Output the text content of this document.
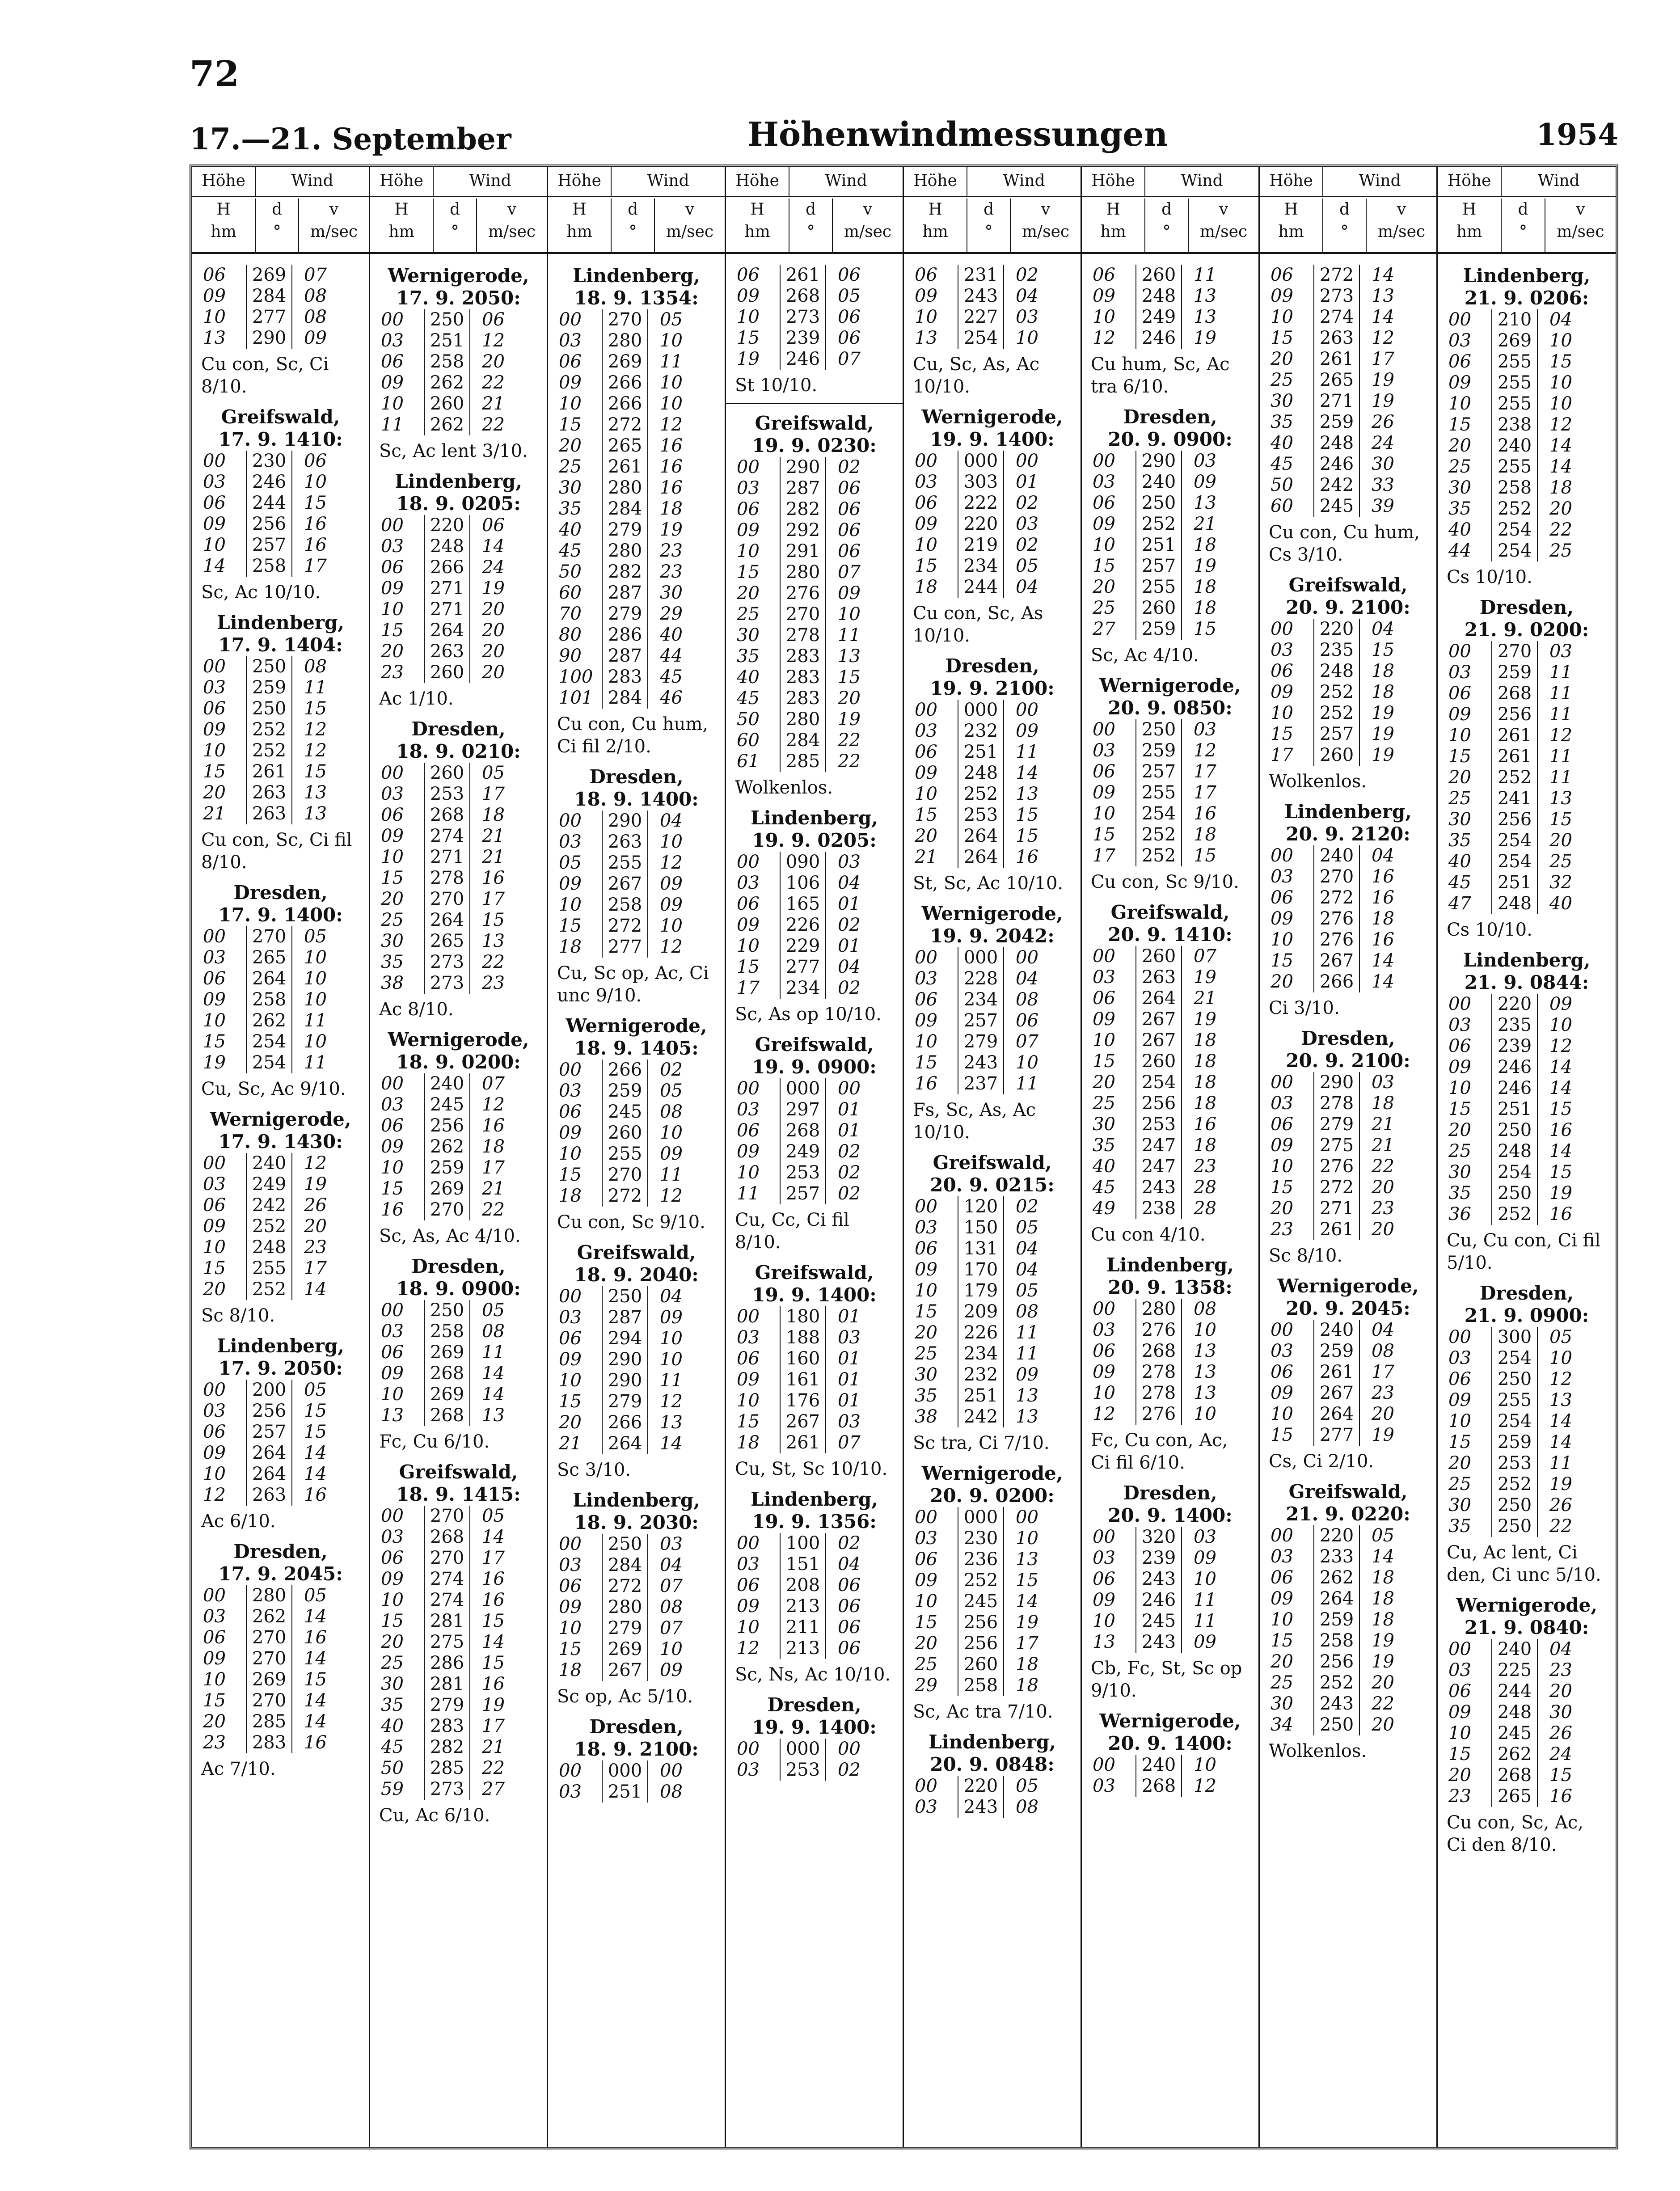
72
17.—21. September	Höhenwindmessungen	1954
Höhe	Wind
H
hm
d
°
v
m/sec
06	269 07
09	284 08
10	277 08
13	290 09
Cu con, Sc, Ci 8/10.
Greifswald,
17. 9. 1410:
00	230 06
03	246 10
06	244 15
09	256 16
10	257 16
14	258 17
Sc, Ac 10/10.
Lindenberg,
17. 9. 1404:
00	250 08
03	259 11
06	250 15
09	252 12
10	252 12
15	261 15
20	263 13
21	263 13
Cu con, Sc, Ci fil 8/10.
Dresden,
17. 9. 1400:
00	270 05
03	265 10
06	264 10
09	258 10
10	262 11
15	254 10
19	254 11
Cu, Sc, Ac 9/10.
Wernigerode,
17. 9. 1430:
00	240 12
03	249 19
06	242 26
09	252 20
10	248 23
15	255 17
20	252 14
Sc 8/10.
Lindenberg,
17. 9. 2050:
00	200 05
03	256 15
06	257 15
09	264 14
10	264 14
12	263 16
Ac 6/10.
Dresden,
17. 9. 2045:
00	280 05
03	262 14
06	270 16
09	270 14
10	269 15
15	270 14
20	285 14
23	283 16
Ac 7/10.
Höhe	Wind
H
hm
d
°
v
m/sec
Wernigerode,
17. 9. 2050:
00	250 06
03	251 12
06	258 20
09	262 22
10	260 21
11	262 22
Sc, Ac lent 3/10.
Lindenberg,
18. 9. 0205:
00	220 06
03	248 14
06	266 24
09	271 19
10	271 20
15	264 20
20	263 20
23	260 20
Ac 1/10.
Dresden,
18. 9. 0210:
00	260 05
03	253 17
06	268 18
09	274 21
10	271 21
15	278 16
20	270 17
25	264 15
30	265 13
35	273 22
38	273 23
Ac 8/10.
Wernigerode,
18. 9. 0200:
00	240 07
03	245 12
06	256 16
09	262 18
10	259 17
15	269 21
16	270 22
Sc, As, Ac 4/10.
Dresden,
18. 9. 0900:
00	250 05
03	258 08
06	269 11
09	268 14
10	269 14
13	268 13
Fc, Cu 6/10.
Greifswald,
18. 9. 1415:
00	270 05
03	268 14
06	270 17
09	274 16
10	274 16
15	281 15
20	275 14
25	286 15
30	281 16
35	279 19
40	283 17
45	282 21
50	285 22
59	273 27
Cu, Ac 6/10.
Höhe	Wind
H
hm
d
°
v
m/sec
Lindenberg,
18. 9. 1354:
00	270 05
03	280 10
06	269 11
09	266 10
10	266 10
15	272 12
20	265 16
25	261 16
30	280 16
35	284 18
40	279 19
45	280 23
50	282 23
60	287 30
70	279 29
80	286 40
90	287 44
100 283 45
101 284 46
Cu con, Cu hum, Ci fil 2/10.
Dresden,
18. 9. 1400:
00	290 04
03	263 10
05	255 12
09	267 09
10	258 09
15	272 10
18	277 12
Cu, Sc op, Ac, Ci unc 9/10.
Wernigerode,
18. 9. 1405:
00	266 02
03	259 05
06	245 08
09	260 10
10	255 09
15	270 11
18	272 12
Cu con, Sc 9/10.
Greifswald,
18. 9. 2040:
00	250 04
03	287 09
06	294 10
09	290 10
10	290 11
15	279 12
20	266 13
21	264 14
Sc 3/10.
Lindenberg,
18. 9. 2030:
00	250 03
03	284 04
06	272 07
09	280 08
10	279 07
15	269 10
18	267 09
Sc op, Ac 5/10.
Dresden,
18. 9. 2100:
00	000 00
03	251 08
Höhe	Wind
H
hm
d
°
v
m/sec
06	261 06
09	268 05
10	273 06
15	239 06
19	246 07
St 10/10.
Greifswald,
19. 9. 0230:
00	290 02
03	287 06
06	282 06
09	292 06
10	291 06
15	280 07
20	276 09
25	270 10
30	278 11
35	283 13
40	283 15
45	283 20
50	280 19
60	284 22
61	285 22
Wolkenlos.
Lindenberg,
19. 9. 0205:
00	090 03
03	106 04
06	165 01
09	226 02
10	229 01
15	277 04
17	234 02
Sc, As op 10/10.
Greifswald,
19. 9. 0900:
00	000 00
03	297 01
06	268 01
09	249 02
10	253 02
11	257 02
Cu, Cc, Ci fil 8/10.
Greifswald,
19. 9. 1400:
00	180 01
03	188 03
06	160 01
09	161 01
10	176 01
15	267 03
18	261 07
Cu, St, Sc 10/10.
Lindenberg,
19. 9. 1356:
00	100 02
03	151 04
06	208 06
09	213 06
10	211 06
12	213 06
Sc, Ns, Ac 10/10.
Dresden,
19. 9. 1400:
00	000 00
03	253 02
Höhe	Wind
H
hm
d
°
v
m/sec
06	231 02
09	243 04
10	227 03
13	254 10
Cu, Sc, As, Ac 10/10.
Wernigerode,
19. 9. 1400:
00	000 00
03	303 01
06	222 02
09	220 03
10	219 02
15	234 05
18	244 04
Cu con, Sc, As 10/10.
Dresden,
19. 9. 2100:
00	000 00
03	232 09
06	251 11
09	248 14
10	252 13
15	253 15
20	264 15
21	264 16
St, Sc, Ac 10/10.
Wernigerode,
19. 9. 2042:
00	000 00
03	228 04
06	234 08
09	257 06
10	279 07
15	243 10
16	237 11
Fs, Sc, As, Ac 10/10.
Greifswald,
20. 9. 0215:
00	120 02
03	150 05
06	131 04
09	170 04
10	179 05
15	209 08
20	226 11
25	234 11
30	232 09
35	251 13
38	242 13
Sc tra, Ci 7/10.
Wernigerode,
20. 9. 0200:
00	000 00
03	230 10
06	236 13
09	252 15
10	245 14
15	256 19
20	256 17
25	260 18
29	258 18
Sc, Ac tra 7/10.
Lindenberg,
20. 9. 0848:
00	220 05
03	243 08
Höhe	Wind
H
hm
d
°
v
m/sec
06	260 11
09	248 13
10	249 13
12	246 19
Cu hum, Sc, Ac tra 6/10.
Dresden,
20. 9. 0900:
00	290 03
03	240 09
06	250 13
09	252 21
10	251 18
15	257 19
20	255 18
25	260 18
27	259 15
Sc, Ac 4/10.
Wernigerode,
20. 9. 0850:
00	250 03
03	259 12
06	257 17
09	255 17
10	254 16
15	252 18
17	252 15
Cu con, Sc 9/10.
Greifswald,
20. 9. 1410:
00	260 07
03	263 19
06	264 21
09	267 19
10	267 18
15	260 18
20	254 18
25	256 18
30	253 16
35	247 18
40	247 23
45	243 28
49	238 28
Cu con 4/10.
Lindenberg,
20. 9. 1358:
00	280 08
03	276 10
06	268 13
09	278 13
10	278 13
12	276 10
Fc, Cu con, Ac, Ci fil 6/10.
Dresden,
20. 9. 1400:
00	320 03
03	239 09
06	243 10
09	246 11
10	245 11
13	243 09
Cb, Fc, St, Sc op 9/10.
Wernigerode,
20. 9. 1400:
00	240 10
03	268 12
Höhe	Wind
H
hm
d
°
v
m/sec
06	272 14
09	273 13
10	274 14
15	263 12
20	261 17
25	265 19
30	271 19
35	259 26
40	248 24
45	246 30
50	242 33
60	245 39
Cu con, Cu hum, Cs 3/10.
Greifswald,
20. 9. 2100:
00	220 04
03	235 15
06	248 18
09	252 18
10	252 19
15	257 19
17	260 19
Wolkenlos.
Lindenberg,
20. 9. 2120:
00	240 04
03	270 16
06	272 16
09	276 18
10	276 16
15	267 14
20	266 14
Ci 3/10.
Dresden,
20. 9. 2100:
00	290 03
03	278 18
06	279 21
09	275 21
10	276 22
15	272 20
20	271 23
23	261 20
Sc 8/10.
Wernigerode,
20. 9. 2045:
00	240 04
03	259 08
06	261 17
09	267 23
10	264 20
15	277 19
Cs, Ci 2/10.
Greifswald,
21. 9. 0220:
00	220 05
03	233 14
06	262 18
09	264 18
10	259 18
15	258 19
20	256 19
25	252 20
30	243 22
34	250 20
Wolkenlos.
Höhe	Wind
H
hm
d
°
v
m/sec
Lindenberg,
21. 9. 0206:
00	210 04
03	269 10
06	255 15
09	255 10
10	255 10
15	238 12
20	240 14
25	255 14
30	258 18
35	252 20
40	254 22
44	254 25
Cs 10/10.
Dresden,
21. 9. 0200:
00	270 03
03	259 11
06	268 11
09	256 11
10	261 12
15	261 11
20	252 11
25	241 13
30	256 15
35	254 20
40	254 25
45	251 32
47	248 40
Cs 10/10.
Lindenberg,
21. 9. 0844:
00	220 09
03	235 10
06	239 12
09	246 14
10	246 14
15	251 15
20	250 16
25	248 14
30	254 15
35	250 19
36	252 16
Cu, Cu con, Ci fil 5/10.
Dresden,
21. 9. 0900:
00	300 05
03	254 10
06	250 12
09	255 13
10	254 14
15	259 14
20	253 11
25	252 19
30	250 26
35	250 22
Cu, Ac lent, Ci den, Ci unc 5/10.
Wernigerode,
21. 9. 0840:
00	240 04
03	225 23
06	244 20
09	248 30
10	245 26
15	262 24
20	268 15
23	265 16
Cu con, Sc, Ac, Ci den 8/10.
